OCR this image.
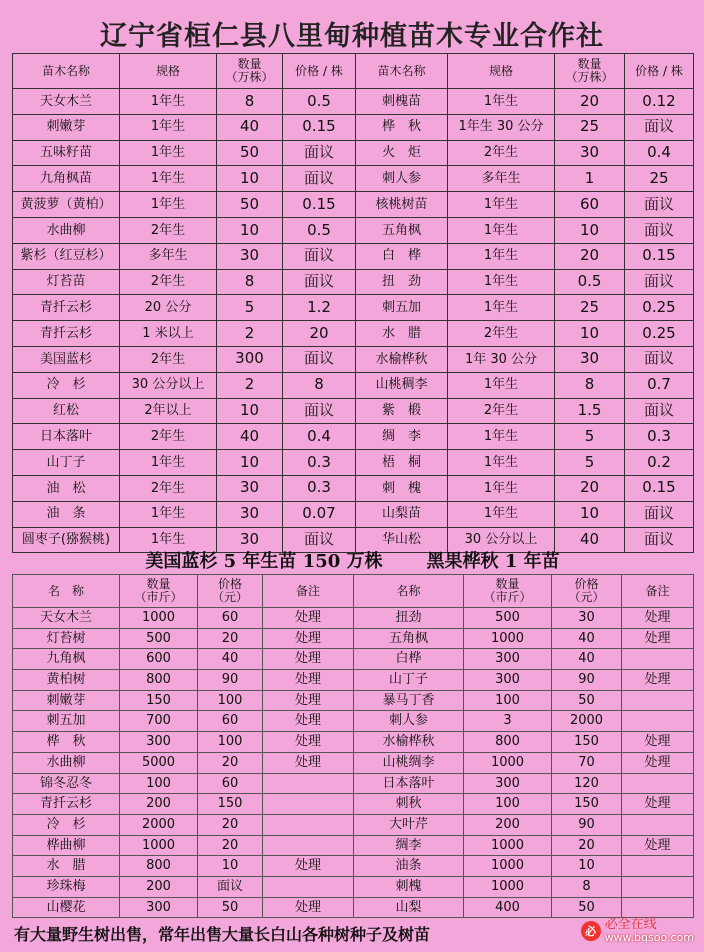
辽宁省桓仁县八里甸种植苗木专业合作社
苗木名称	规格	数量
（万株）	价格 / 株	苗木名称	规格	数量
（万株）	价格 / 株
天女木兰	1年生	8	0.5	刺槐苗	1年生	20	0.12
刺嫩芽	1年生	40	0.15	桦　秋	1年生 30 公分	25	面议
五味籽苗	1年生	50	面议	火　炬	2年生	30	0.4
九角枫苗	1年生	10	面议	刺人参	多年生	1	25
黄菠萝（黄柏）	1年生	50	0.15	核桃树苗	1年生	60	面议
水曲柳	2年生	10	0.5	五角枫	1年生	10	面议
紫杉（红豆杉）	多年生	30	面议	白　桦	1年生	20	0.15
灯苔苗	2年生	8	面议	扭　劲	1年生	0.5	面议
青扦云杉	20 公分	5	1.2	刺五加	1年生	25	0.25
青扦云杉	1 米以上	2	20	水　腊	2年生	10	0.25
美国蓝杉	2年生	300	面议	水榆桦秋	1年 30 公分	30	面议
冷　杉	30 公分以上	2	8	山桃稠李	1年生	8	0.7
红松	2年以上	10	面议	紫　椴	2年生	1.5	面议
日本落叶	2年生	40	0.4	绸　李	1年生	5	0.3
山丁子	1年生	10	0.3	梧　桐	1年生	5	0.2
油　松	2年生	30	0.3	刺　槐	1年生	20	0.15
油　条	1年生	30	0.07	山梨苗	1年生	10	面议
圆枣子(猕猴桃)	1年生	30	面议	华山松	30 公分以上	40	面议
美国蓝杉 5 年生苗 150 万株 黑果桦秋 1 年苗
名　称	数量
（市斤）	价格
（元）	备注	名称	数量
（市斤）	价格
（元）	备注
天女木兰	1000	60	处理	扭劲	500	30	处理
灯苔树	500	20	处理	五角枫	1000	40	处理
九角枫	600	40	处理	白桦	300	40	
黄柏树	800	90	处理	山丁子	300	90	处理
刺嫩芽	150	100	处理	暴马丁香	100	50	
刺五加	700	60	处理	刺人参	3	2000	
桦　秋	300	100	处理	水榆桦秋	800	150	处理
水曲柳	5000	20	处理	山桃绸李	1000	70	处理
锦冬忍冬	100	60		日本落叶	300	120	
青扦云杉	200	150		刺秋	100	150	处理
冷　杉	2000	20		大叶芹	200	90	
桦曲柳	1000	20		绸李	1000	20	处理
水　腊	800	10	处理	油条	1000	10	
珍珠梅	200	面议		刺槐	1000	8	
山樱花	300	50	处理	山梨	400	50	
有大量野生树出售，常年出售大量长白山各种树种子及树苗	必 必全在线
www.bqsoo.com
